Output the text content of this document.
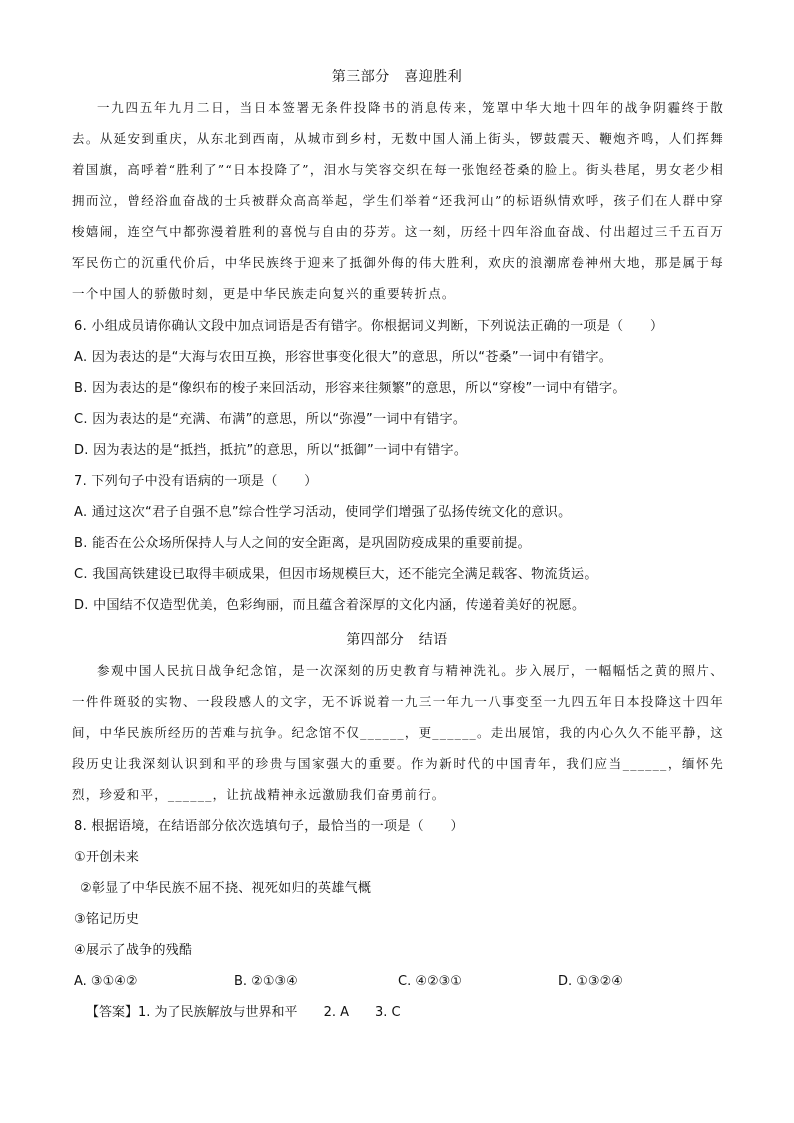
第三部分　喜迎胜利

一九四五年九月二日，当日本签署无条件投降书的消息传来，笼罩中华大地十四年的战争阴霾终于散去。从延安到重庆，从东北到西南，从城市到乡村，无数中国人涌上街头，锣鼓震天、鞭炮齐鸣，人们挥舞着国旗，高呼着“胜利了”“日本投降了”，泪水与笑容交织在每一张饱经苍桑的脸上。街头巷尾，男女老少相拥而泣，曾经浴血奋战的士兵被群众高高举起，学生们举着“还我河山”的标语纵情欢呼，孩子们在人群中穿梭嬉闹，连空气中都弥漫着胜利的喜悦与自由的芬芳。这一刻，历经十四年浴血奋战、付出超过三千五百万军民伤亡的沉重代价后，中华民族终于迎来了抵御外侮的伟大胜利，欢庆的浪潮席卷神州大地，那是属于每一个中国人的骄傲时刻，更是中华民族走向复兴的重要转折点。

6. 小组成员请你确认文段中加点词语是否有错字。你根据词义判断，下列说法正确的一项是（　　）
A. 因为表达的是“大海与农田互换，形容世事变化很大”的意思，所以“苍桑”一词中有错字。
B. 因为表达的是“像织布的梭子来回活动，形容来往频繁”的意思，所以“穿梭”一词中有错字。
C. 因为表达的是“充满、布满”的意思，所以“弥漫”一词中有错字。
D. 因为表达的是“抵挡，抵抗”的意思，所以“抵御”一词中有错字。
7. 下列句子中没有语病的一项是（　　）
A. 通过这次“君子自强不息”综合性学习活动，使同学们增强了弘扬传统文化的意识。
B. 能否在公众场所保持人与人之间的安全距离，是巩固防疫成果的重要前提。
C. 我国高铁建设已取得丰硕成果，但因市场规模巨大，还不能完全满足载客、物流货运。
D. 中国结不仅造型优美，色彩绚丽，而且蕴含着深厚的文化内涵，传递着美好的祝愿。
第四部分　结语

参观中国人民抗日战争纪念馆，是一次深刻的历史教育与精神洗礼。步入展厅，一幅幅恬之黄的照片、一件件斑驳的实物、一段段感人的文字，无不诉说着一九三一年九一八事变至一九四五年日本投降这十四年间，中华民族所经历的苦难与抗争。纪念馆不仅______，更______。走出展馆，我的内心久久不能平静，这段历史让我深刻认识到和平的珍贵与国家强大的重要。作为新时代的中国青年，我们应当______，缅怀先烈，珍爱和平，______，让抗战精神永远激励我们奋勇前行。

8. 根据语境，在结语部分依次选填句子，最恰当的一项是（　　）
①开创未来
②彰显了中华民族不屈不挠、视死如归的英雄气概
③铭记历史
④展示了战争的残酷
A. ③①④②	B. ②①③④	C. ④②③①	D. ①③②④
【答案】1. 为了民族解放与世界和平 2. A 3. C
